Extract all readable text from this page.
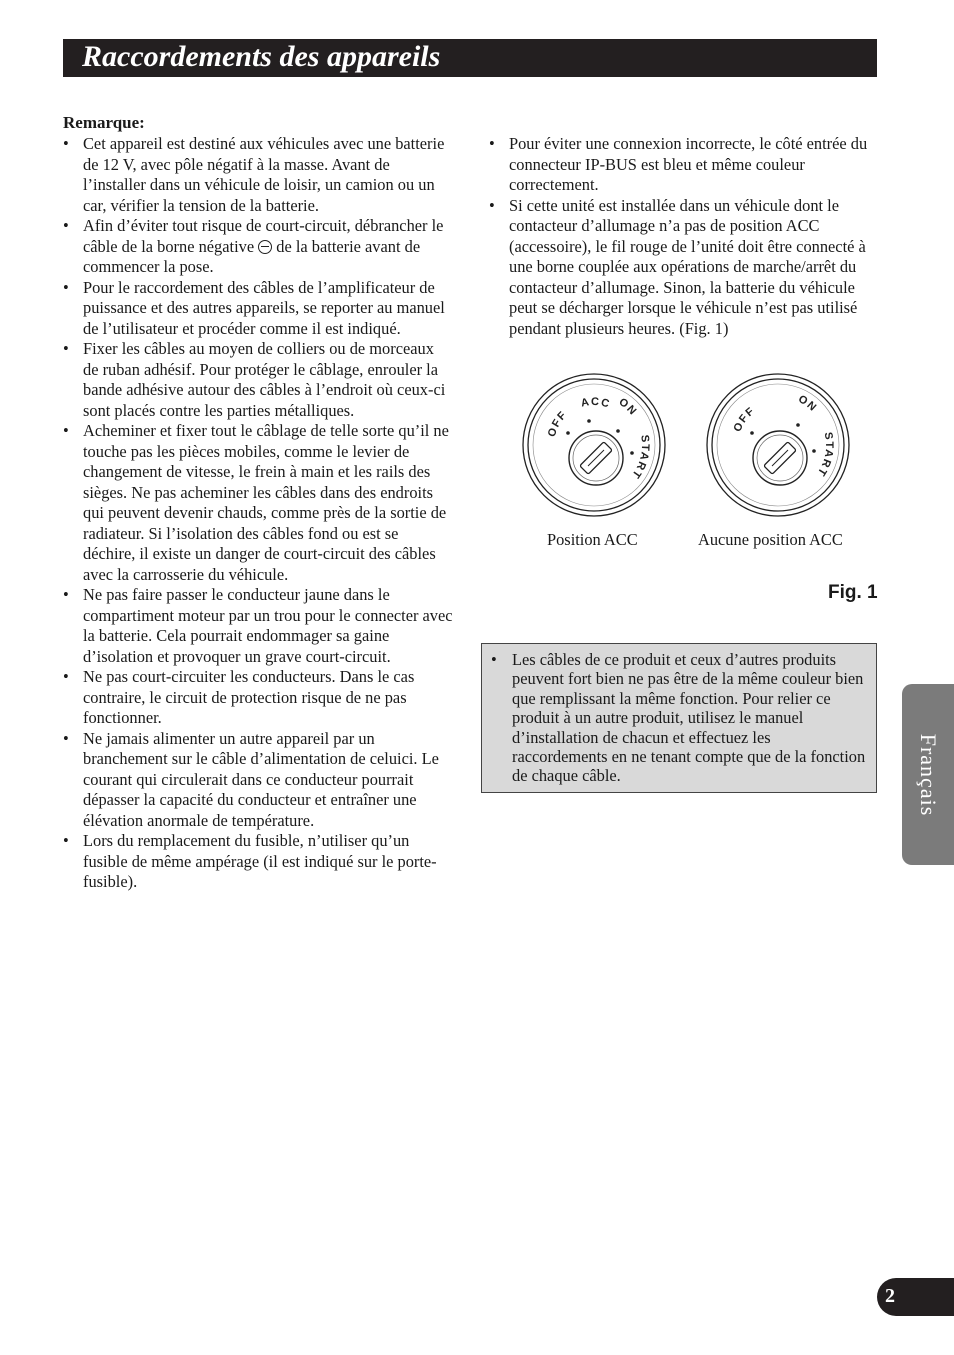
Raccordements des appareils

Remarque:

• Cet appareil est destiné aux véhicules avec une batterie de 12 V, avec pôle négatif à la masse. Avant de l’installer dans un véhicule de loisir, un camion ou un car, vérifier la tension de la batterie.
• Afin d’éviter tout risque de court-circuit, débrancher le câble de la borne négative  de la batterie avant de commencer la pose.
• Pour le raccordement des câbles de l’amplificateur de puissance et des autres appareils, se reporter au manuel de l’utilisateur et procéder comme il est indiqué.
• Fixer les câbles au moyen de colliers ou de morceaux de ruban adhésif. Pour protéger le câblage, enrouler la bande adhésive autour des câbles à l’endroit où ceux-ci sont placés contre les parties métalliques.
• Acheminer et fixer tout le câblage de telle sorte qu’il ne touche pas les pièces mobiles, comme le levier de changement de vitesse, le frein à main et les rails des sièges. Ne pas acheminer les câbles dans des endroits qui peuvent devenir chauds, comme près de la sortie de radiateur. Si l’isolation des câbles fond ou est se déchire, il existe un danger de court-circuit des câbles avec la carrosserie du véhicule.
• Ne pas faire passer le conducteur jaune dans le compartiment moteur par un trou pour le connecter avec la batterie. Cela pourrait endommager sa gaine d’isolation et provoquer un grave court-circuit.
• Ne pas court-circuiter les conducteurs. Dans le cas contraire, le circuit de protection risque de ne pas fonctionner.
• Ne jamais alimenter un autre appareil par un branchement sur le câble d’alimentation de celuici. Le courant qui circulerait dans ce conducteur pourrait dépasser la capacité du conducteur et entraîner une élévation anormale de température.
• Lors du remplacement du fusible, n’utiliser qu’un fusible de même ampérage (il est indiqué sur le porte-fusible).
• Pour éviter une connexion incorrecte, le côté entrée du connecteur IP-BUS est bleu et même couleur correctement.
• Si cette unité est installée dans un véhicule dont le contacteur d’allumage n’a pas de position ACC (accessoire), le fil rouge de l’unité doit être connecté à une borne couplée aux opérations de marche/arrêt du contacteur d’allumage. Sinon, la batterie du véhicule peut se décharger lorsque le véhicule n’est pas utilisé pendant plusieurs heures. (Fig. 1)
OFF
ACC ON
START
OFF
ON
START
Position ACC	Aucune position ACC
Fig. 1
• Les câbles de ce produit et ceux d’autres produits peuvent fort bien ne pas être de la même couleur bien que remplissant la même fonction. Pour relier ce produit à un autre produit, utilisez le manuel d’installation de chacun et effectuez les raccordements en ne tenant compte que de la fonction de chaque câble.	Français
2
